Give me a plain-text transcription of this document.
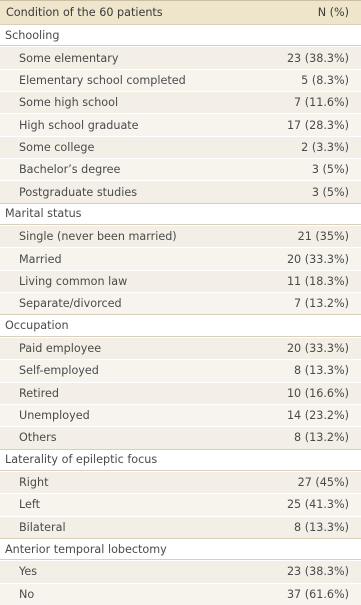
Condition of the 60 patients	N (%)
Schooling
Some elementary	23 (38.3%)
Elementary school completed	5 (8.3%)
Some high school	7 (11.6%)
High school graduate	17 (28.3%)
Some college	2 (3.3%)
Bachelor’s degree	3 (5%)
Postgraduate studies	3 (5%)
Marital status
Single (never been married)	21 (35%)
Married	20 (33.3%)
Living common law	11 (18.3%)
Separate/divorced	7 (13.2%)
Occupation
Paid employee	20 (33.3%)
Self-employed	8 (13.3%)
Retired	10 (16.6%)
Unemployed	14 (23.2%)
Others	8 (13.2%)
Laterality of epileptic focus
Right	27 (45%)
Left	25 (41.3%)
Bilateral	8 (13.3%)
Anterior temporal lobectomy
Yes	23 (38.3%)
No	37 (61.6%)
